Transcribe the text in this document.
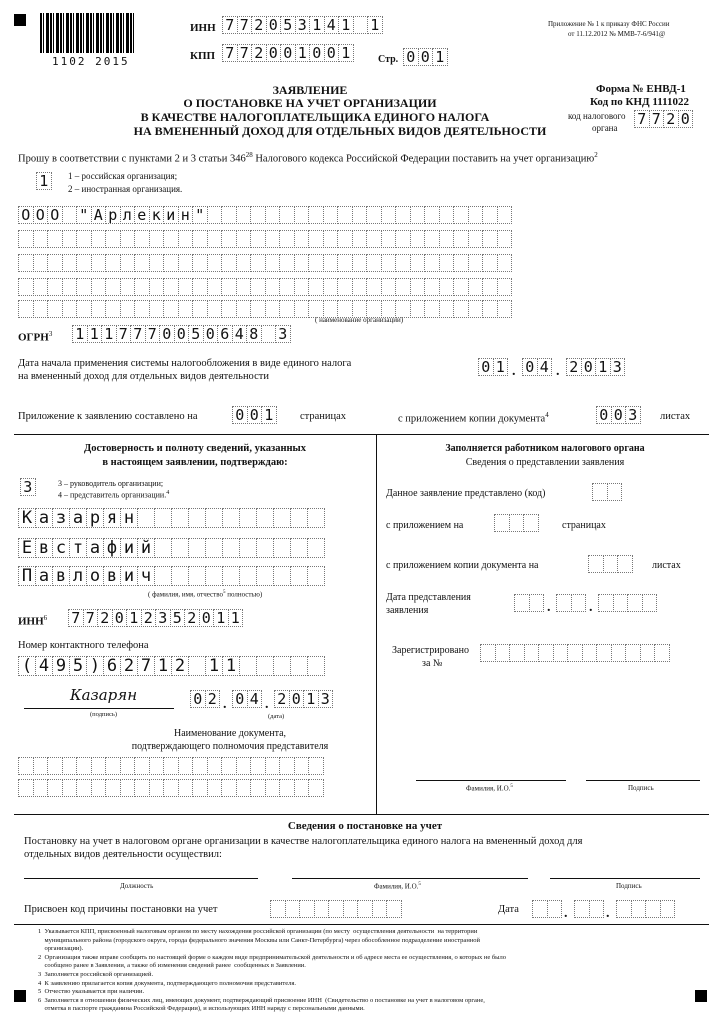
1102 2015
ИНН 7 7 2 0 5 3 1 4 1 1
КПП 7 7 2 0 0 1 0 0 1	Стр. 0 0 1
Приложение № 1 к приказу ФНС России
от 11.12.2012 № ММВ-7-6/941@
ЗАЯВЛЕНИЕ
О ПОСТАНОВКЕ НА УЧЕТ ОРГАНИЗАЦИИ
В КАЧЕСТВЕ НАЛОГОПЛАТЕЛЬЩИКА ЕДИНОГО НАЛОГА
НА ВМЕНЕННЫЙ ДОХОД ДЛЯ ОТДЕЛЬНЫХ ВИДОВ ДЕЯТЕЛЬНОСТИ
Форма № ЕНВД-1
Код по КНД 1111022
код налогового
органа 7 7 2 0
Прошу в соответствии с пунктами 2 и 3 статьи $346^{28}$ Налогового кодекса Российской Федерации поставить на учет организацию$^2$
1	1 – российская организация;
2 – иностранная организация.
О О О " А р л е к и н "
( наименование организации)
ОГРН$^3$ 1 1 1 7 7 7 0 0 5 0 6 4 8 3
Дата начала применения системы налогообложения в виде единого налога
на вмененный доход для отдельных видов деятельности
0 1 . 0 4 . 2 0 1 3
Приложение к заявлению составлено на	0 0 1	страницах	с приложением копии документа$^4$	0 0 3	листах
Достоверность и полноту сведений, указанных
в настоящем заявлении, подтверждаю:
3	3 – руководитель организации;
4 – представитель организации.$^4$
К а з а р я н
Е в с т а ф и й
П а в л о в и ч
( фамилия, имя, отчество$^5$ полностью)
ИНН$^6$ 7 7 2 0 1 2 3 5 2 0 1 1
Номер контактного телефона
( 4 9 5 ) 6 2 7 1 2 1 1
Казарян
(подпись)
0 2 . 0 4 . 2 0 1 3
(дата)
Наименование документа,
подтверждающего полномочия представителя
Заполняется работником налогового органа
Сведения о представлении заявления
Данное заявление представлено (код)
с приложением на	страницах
с приложением копии документа на	листах
Дата представления
заявления	.	.
Зарегистрировано
за №
Фамилия, И.О.$^5$	Подпись
Сведения о постановке на учет
Постановку на учет в налоговом органе организации в качестве налогоплательщика единого налога на вмененный доход для
отдельных видов деятельности осуществил:
Должность	Фамилия, И.О.$^5$	Подпись
Присвоен код причины постановки на учет	Дата	.	.
1  Указывается КПП, присвоенный налоговым органом по месту нахождения российской организации (по месту  осуществления деятельности  на территории
муниципального района (городского округа, города федерального значения Москвы или Санкт-Петербурга) через обособленное подразделение иностранной
организации).
2  Организация также вправе сообщить по настоящей форме о каждом виде предпринимательской деятельности и об адресе места ее осуществления, о которых не было
сообщено ранее в Заявлении, а также об изменения сведений ранее  сообщенных в Заявлении.
3  Заполняется российской организацией.
4  К заявлению прилагается копия документа, подтверждающего полномочия представителя.
5  Отчество указывается при наличии.
6  Заполняется в отношении физических лиц, имеющих документ, подтверждающий присвоение ИНН  (Свидетельство о постановке на учет в налоговом органе,
отметка в паспорте гражданина Российской Федерации), и использующих ИНН наряду с персональными данными.
